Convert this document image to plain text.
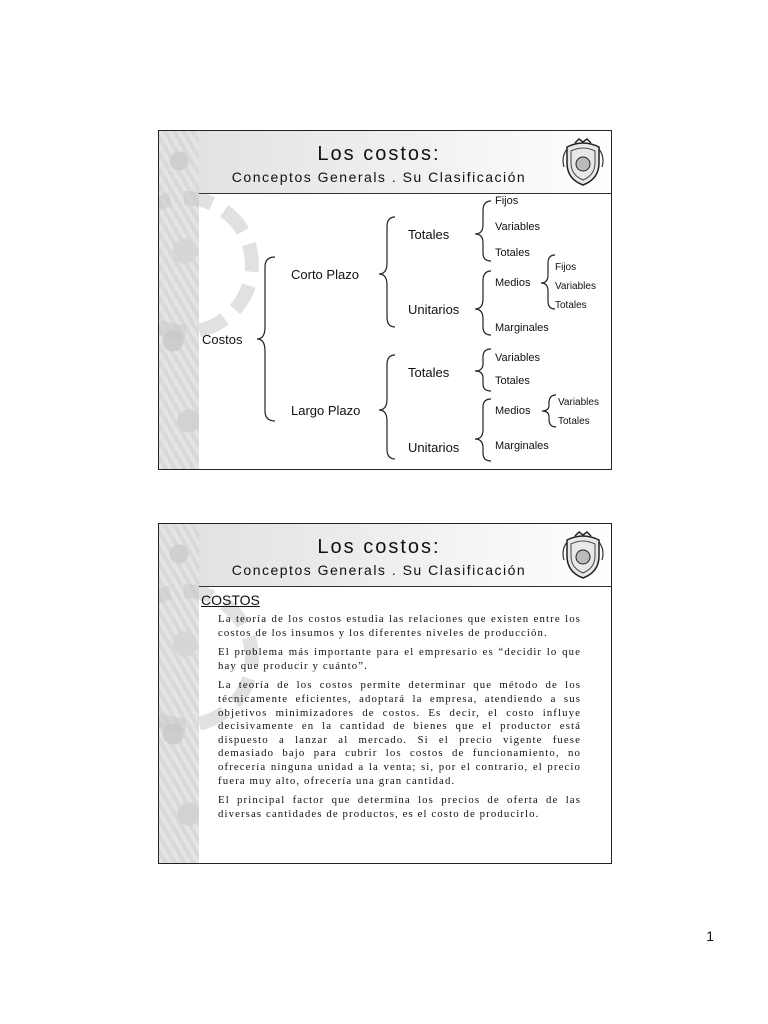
Los costos:
Conceptos Generals . Su Clasificación
Costos
Corto Plazo
Largo Plazo
Totales
Unitarios
Fijos
Variables
Totales
Medios
Marginales
Fijos
Variables
Totales
Totales
Unitarios
Variables
Totales
Medios
Marginales
Variables
Totales
Los costos:
Conceptos Generals . Su Clasificación
COSTOS

La teoría de los costos estudia las relaciones que existen entre los costos de los insumos y los diferentes niveles de producción.

El problema más importante para el empresario es “decidir lo que hay que producir y cuánto”.

La teoría de los costos permite determinar que método de los técnicamente eficientes, adoptará la empresa, atendiendo a sus objetivos minimizadores de costos. Es decir, el costo influye decisivamente en la cantidad de bienes que el productor está dispuesto a lanzar al mercado. Si el precio vigente fuese demasiado bajo para cubrir los costos de funcionamiento, no ofrecería ninguna unidad a la venta; si, por el contrario, el precio fuera muy alto, ofrecería una gran cantidad.

El principal factor que determina los precios de oferta de las diversas cantidades de productos, es el costo de producirlo.

1
